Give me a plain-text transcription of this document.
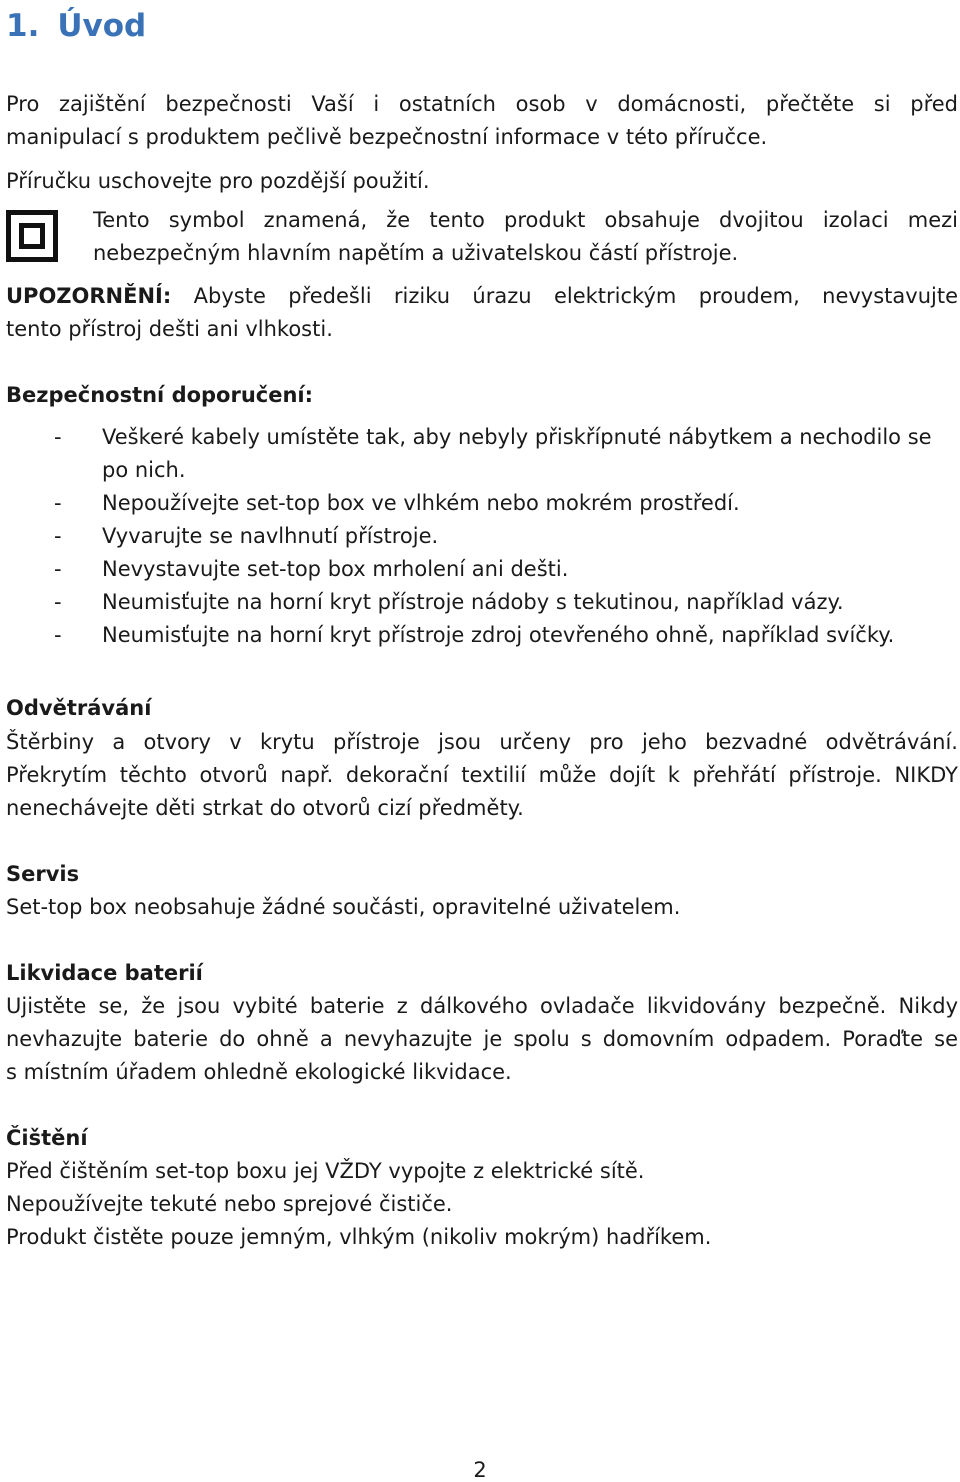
1. Úvod

Pro zajištění bezpečnosti Vaší i ostatních osob v domácnosti, přečtěte si před

manipulací s produktem pečlivě bezpečnostní informace v této příručce.

Příručku uschovejte pro pozdější použití.

Tento symbol znamená, že tento produkt obsahuje dvojitou izolaci mezi
nebezpečným hlavním napětím a uživatelskou částí přístroje.
UPOZORNĚNÍ: Abyste předešli riziku úrazu elektrickým proudem, nevystavujte

tento přístroj dešti ani vlhkosti.

Bezpečnostní doporučení:
- Veškeré kabely umístěte tak, aby nebyly přiskřípnuté nábytkem a nechodilo se po nich.
- Nepoužívejte set-top box ve vlhkém nebo mokrém prostředí.
- Vyvarujte se navlhnutí přístroje.
- Nevystavujte set-top box mrholení ani dešti.
- Neumisťujte na horní kryt přístroje nádoby s tekutinou, například vázy.
- Neumisťujte na horní kryt přístroje zdroj otevřeného ohně, například svíčky.
Odvětrávání

Štěrbiny a otvory v krytu přístroje jsou určeny pro jeho bezvadné odvětrávání.

Překrytím těchto otvorů např. dekorační textilií může dojít k přehřátí přístroje. NIKDY

nenechávejte děti strkat do otvorů cizí předměty.

Servis

Set-top box neobsahuje žádné součásti, opravitelné uživatelem.

Likvidace baterií

Ujistěte se, že jsou vybité baterie z dálkového ovladače likvidovány bezpečně. Nikdy

nevhazujte baterie do ohně a nevyhazujte je spolu s domovním odpadem. Poraďte se

s místním úřadem ohledně ekologické likvidace.

Čištění

Před čištěním set-top boxu jej VŽDY vypojte z elektrické sítě.

Nepoužívejte tekuté nebo sprejové čističe.

Produkt čistěte pouze jemným, vlhkým (nikoliv mokrým) hadříkem.

2
